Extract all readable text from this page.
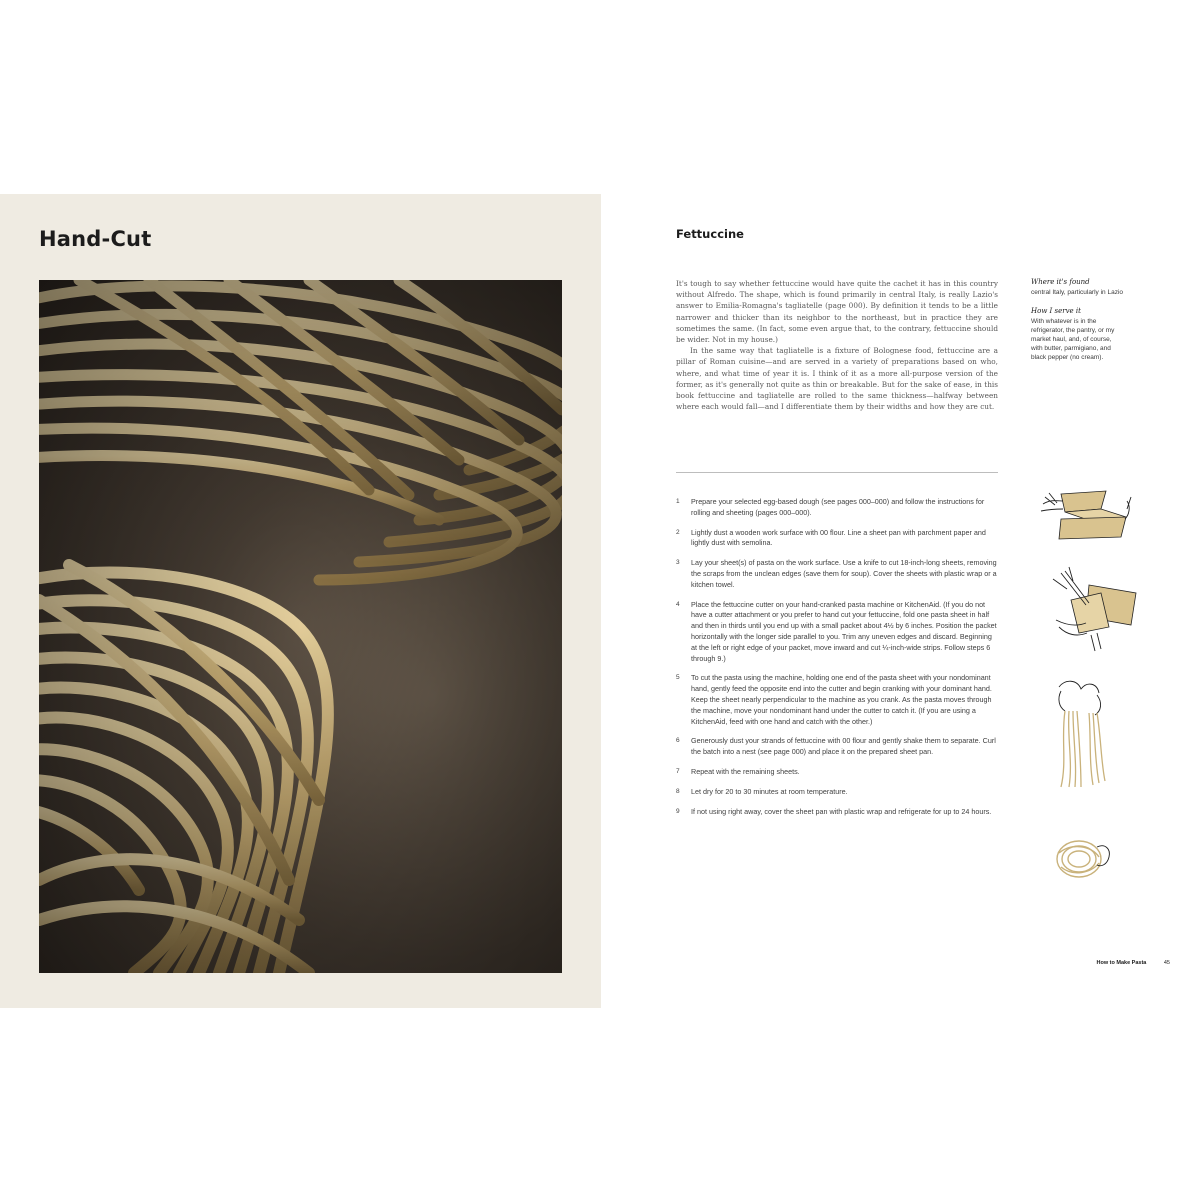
Hand-Cut	Fettuccine

It's tough to say whether fettuccine would have quite the cachet it has in this country without Alfredo. The shape, which is found primarily in central Italy, is really Lazio's answer to Emilia-Romagna's tagliatelle (page 000). By definition it tends to be a little narrower and thicker than its neighbor to the northeast, but in practice they are sometimes the same. (In fact, some even argue that, to the contrary, fettuccine should be wider. Not in my house.)

In the same way that tagliatelle is a fixture of Bolognese food, fettuccine are a pillar of Roman cuisine—and are served in a variety of preparations based on who, where, and what time of year it is. I think of it as a more all-purpose version of the former, as it's generally not quite as thin or breakable. But for the sake of ease, in this book fettuccine and tagliatelle are rolled to the same thickness—halfway between where each would fall—and I differentiate them by their widths and how they are cut.

Where it's found

central Italy, particularly in Lazio

How I serve it

With whatever is in the refrigerator, the pantry, or my market haul, and, of course, with butter, parmigiano, and black pepper (no cream).

1 Prepare your selected egg-based dough (see pages 000–000) and follow the instructions for rolling and sheeting (pages 000–000).
2 Lightly dust a wooden work surface with 00 flour. Line a sheet pan with parchment paper and lightly dust with semolina.
3 Lay your sheet(s) of pasta on the work surface. Use a knife to cut 18-inch-long sheets, removing the scraps from the unclean edges (save them for soup). Cover the sheets with plastic wrap or a kitchen towel.
4 Place the fettuccine cutter on your hand-cranked pasta machine or KitchenAid. (If you do not have a cutter attachment or you prefer to hand cut your fettuccine, fold one pasta sheet in half and then in thirds until you end up with a small packet about 4½ by 6 inches. Position the packet horizontally with the longer side parallel to you. Trim any uneven edges and discard. Beginning at the left or right edge of your packet, move inward and cut ¼-inch-wide strips. Follow steps 6 through 9.)
5 To cut the pasta using the machine, holding one end of the pasta sheet with your nondominant hand, gently feed the opposite end into the cutter and begin cranking with your dominant hand. Keep the sheet nearly perpendicular to the machine as you crank. As the pasta moves through the machine, move your nondominant hand under the cutter to catch it. (If you are using a KitchenAid, feed with one hand and catch with the other.)
6 Generously dust your strands of fettuccine with 00 flour and gently shake them to separate. Curl the batch into a nest (see page 000) and place it on the prepared sheet pan.
7 Repeat with the remaining sheets.
8 Let dry for 20 to 30 minutes at room temperature.
9 If not using right away, cover the sheet pan with plastic wrap and refrigerate for up to 24 hours.
How to Make Pasta	45
